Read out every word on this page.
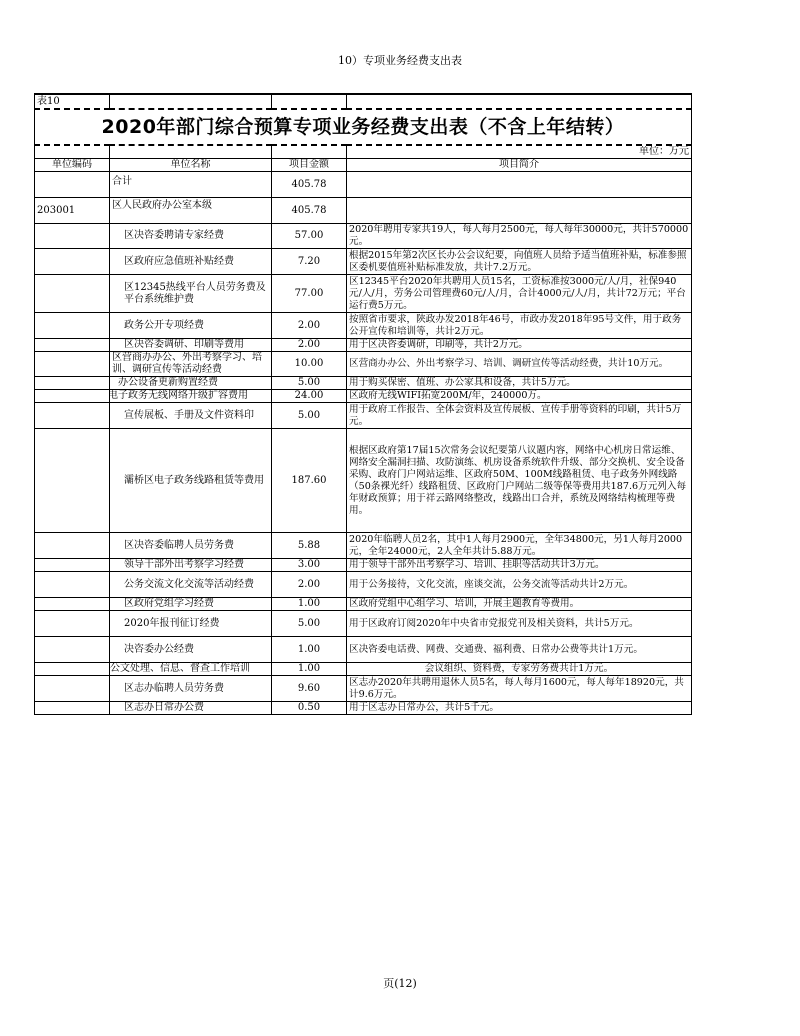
10）专项业务经费支出表
表10			
2020年部门综合预算专项业务经费支出表（不含上年结转）			
			单位：万元
单位编码	单位名称	项目金额	项目简介
	合计	405.78	
203001	区人民政府办公室本级	405.78	
	区决咨委聘请专家经费	57.00	2020年聘用专家共19人，每人每月2500元，每人每年30000元，共计570000元。
	区政府应急值班补贴经费	7.20	根据2015年第2次区长办公会议纪要，向值班人员给予适当值班补贴，标准参照区委机要值班补贴标准发放，共计7.2万元。
	区12345热线平台人员劳务费及平台系统维护费	77.00	区12345平台2020年共聘用人员15名，工资标准按3000元/人/月，社保940元/人/月，劳务公司管理费60元/人/月，合计4000元/人/月，共计72万元；平台运行费5万元。
	政务公开专项经费	2.00	按照省市要求，陕政办发2018年46号，市政办发2018年95号文件，用于政务公开宣传和培训等，共计2万元。
	区决咨委调研、印刷等费用	2.00	用于区决咨委调研，印刷等，共计2万元。
	区营商办办公、外出考察学习、培训、调研宣传等活动经费	10.00	区营商办办公、外出考察学习、培训、调研宣传等活动经费，共计10万元。
	办公设备更新购置经费	5.00	用于购买保密、值班、办公家具和设备，共计5万元。
	电子政务无线网络升级扩容费用	24.00	区政府无线WIFI拓宽200M/年，240000万。
	宣传展板、手册及文件资料印	5.00	用于政府工作报告、全体会资料及宣传展板、宣传手册等资料的印刷，共计5万元。
	灞桥区电子政务线路租赁等费用	187.60	根据区政府第17届15次常务会议纪要第八议题内容，网络中心机房日常运维、网络安全漏洞扫描、攻防演练、机房设备系统软件升级、部分交换机、安全设备采购、政府门户网站运维、区政府50M、100M线路租赁、电子政务外网线路（50条裸光纤）线路租赁、区政府门户网站二级等保等费用共187.6万元列入每年财政预算；用于祥云路网络整改，线路出口合并，系统及网络结构梳理等费用。
	区决咨委临聘人员劳务费	5.88	2020年临聘人员2名，其中1人每月2900元，全年34800元，另1人每月2000元，全年24000元，2人全年共计5.88万元。
	领导干部外出考察学习经费	3.00	用于领导干部外出考察学习、培训、挂职等活动共计3万元。
	公务交流文化交流等活动经费	2.00	用于公务接待，文化交流，座谈交流，公务交流等活动共计2万元。
	区政府党组学习经费	1.00	区政府党组中心组学习、培训，开展主题教育等费用。
	2020年报刊征订经费	5.00	用于区政府订阅2020年中央省市党报党刊及相关资料，共计5万元。
	决咨委办公经费	1.00	区决咨委电话费、网费、交通费、福利费、日常办公费等共计1万元。
	公文处理、信息、督查工作培训	1.00	会议组织、资料费，专家劳务费共计1万元。
	区志办临聘人员劳务费	9.60	区志办2020年共聘用退休人员5名，每人每月1600元，每人每年18920元，共计9.6万元。
	区志办日常办公费	0.50	用于区志办日常办公，共计5千元。
页(12)
